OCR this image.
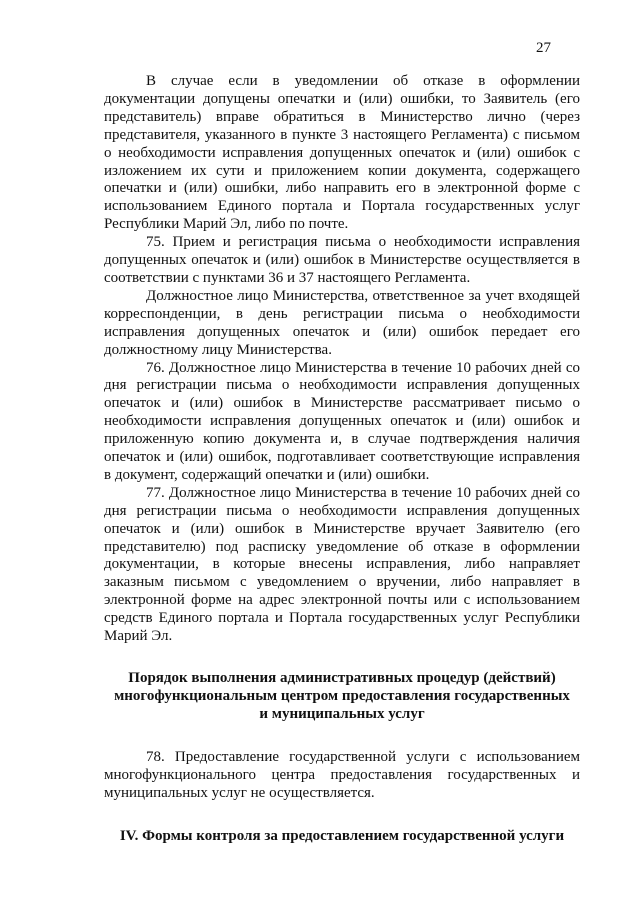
27

В случае если в уведомлении об отказе в оформлении документации допущены опечатки и (или) ошибки, то Заявитель (его представитель) вправе обратиться в Министерство лично (через представителя, указанного в пункте 3 настоящего Регламента) с письмом о необходимости исправления допущенных опечаток и (или) ошибок с изложением их сути и приложением копии документа, содержащего опечатки и (или) ошибки, либо направить его в электронной форме с использованием Единого портала и Портала государственных услуг Республики Марий Эл, либо по почте.

75. Прием и регистрация письма о необходимости исправления допущенных опечаток и (или) ошибок в Министерстве осуществляется в соответствии с пунктами 36 и 37 настоящего Регламента.

Должностное лицо Министерства, ответственное за учет входящей корреспонденции, в день регистрации письма о необходимости исправления допущенных опечаток и (или) ошибок передает его должностному лицу Министерства.

76. Должностное лицо Министерства в течение 10 рабочих дней со дня регистрации письма о необходимости исправления допущенных опечаток и (или) ошибок в Министерстве рассматривает письмо о необходимости исправления допущенных опечаток и (или) ошибок и приложенную копию документа и, в случае подтверждения наличия опечаток и (или) ошибок, подготавливает соответствующие исправления в документ, содержащий опечатки и (или) ошибки.

77. Должностное лицо Министерства в течение 10 рабочих дней со дня регистрации письма о необходимости исправления допущенных опечаток и (или) ошибок в Министерстве вручает Заявителю (его представителю) под расписку уведомление об отказе в оформлении документации, в которые внесены исправления, либо направляет заказным письмом с уведомлением о вручении, либо направляет в электронной форме на адрес электронной почты или с использованием средств Единого портала и Портала государственных услуг Республики Марий Эл.

Порядок выполнения административных процедур (действий)
многофункциональным центром предоставления государственных
и муниципальных услуг

78. Предоставление государственной услуги с использованием многофункционального центра предоставления государственных и муниципальных услуг не осуществляется.

IV. Формы контроля за предоставлением государственной услуги
